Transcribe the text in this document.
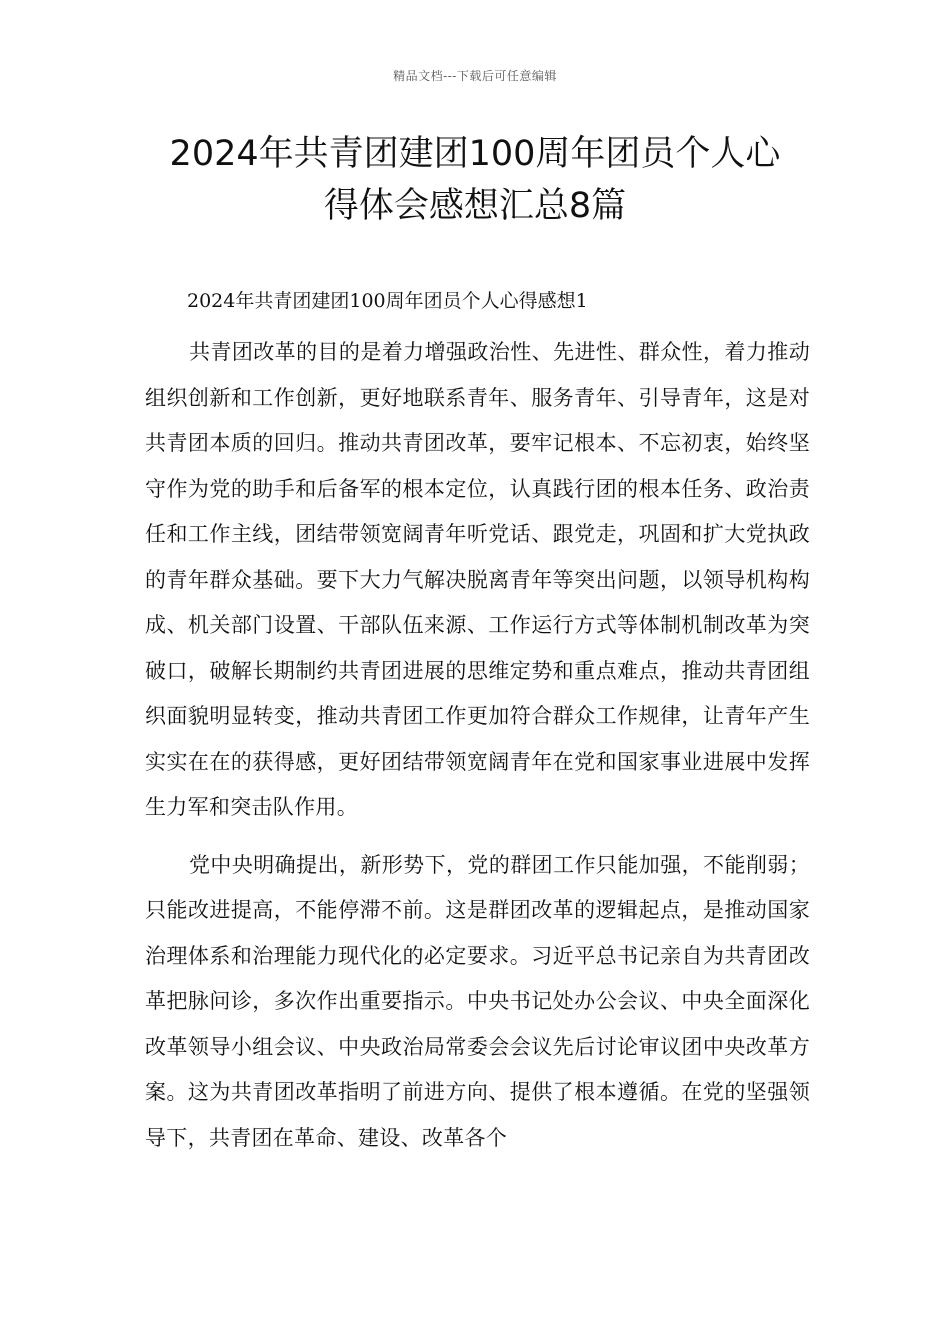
精品文档---下载后可任意编辑
2024年共青团建团100周年团员个人心
得体会感想汇总8篇

2024年共青团建团100周年团员个人心得感想1

共青团改革的目的是着力增强政治性、先进性、群众性，着力推动组织创新和工作创新，更好地联系青年、服务青年、引导青年，这是对共青团本质的回归。推动共青团改革，要牢记根本、不忘初衷，始终坚守作为党的助手和后备军的根本定位，认真践行团的根本任务、政治责任和工作主线，团结带领宽阔青年听党话、跟党走，巩固和扩大党执政的青年群众基础。要下大力气解决脱离青年等突出问题，以领导机构构成、机关部门设置、干部队伍来源、工作运行方式等体制机制改革为突破口，破解长期制约共青团进展的思维定势和重点难点，推动共青团组织面貌明显转变，推动共青团工作更加符合群众工作规律，让青年产生实实在在的获得感，更好团结带领宽阔青年在党和国家事业进展中发挥生力军和突击队作用。

党中央明确提出，新形势下，党的群团工作只能加强，不能削弱；只能改进提高，不能停滞不前。这是群团改革的逻辑起点，是推动国家治理体系和治理能力现代化的必定要求。习近平总书记亲自为共青团改革把脉问诊，多次作出重要指示。中央书记处办公会议、中央全面深化改革领导小组会议、中央政治局常委会会议先后讨论审议团中央改革方案。这为共青团改革指明了前进方向、提供了根本遵循。在党的坚强领导下，共青团在革命、建设、改革各个
